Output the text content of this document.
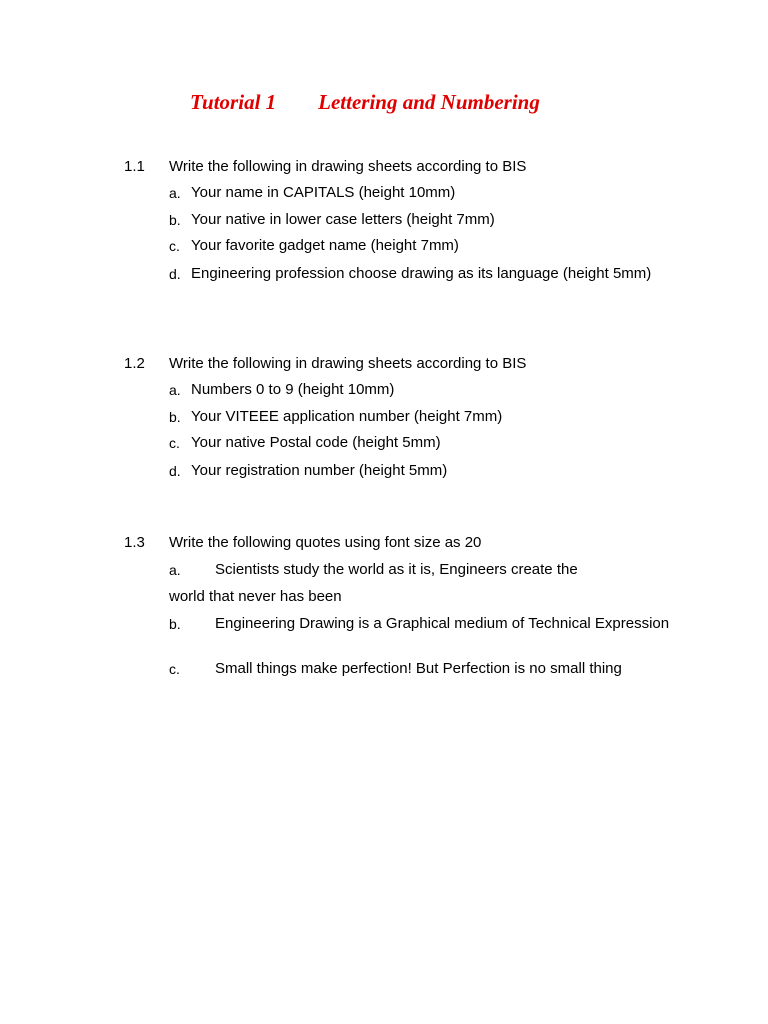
Tutorial 1 Lettering and Numbering
1.1 Write the following in drawing sheets according to BIS
a. Your name in CAPITALS (height 10mm)
b. Your native in lower case letters (height 7mm)
c. Your favorite gadget name (height 7mm)
d. Engineering profession choose drawing as its language (height 5mm)
1.2 Write the following in drawing sheets according to BIS
a. Numbers 0 to 9 (height 10mm)
b. Your VITEEE application number (height 7mm)
c. Your native Postal code (height 5mm)
d. Your registration number (height 5mm)
1.3 Write the following quotes using font size as 20
a. Scientists study the world as it is, Engineers create the
world that never has been
b. Engineering Drawing is a Graphical medium of Technical Expression
c. Small things make perfection! But Perfection is no small thing
